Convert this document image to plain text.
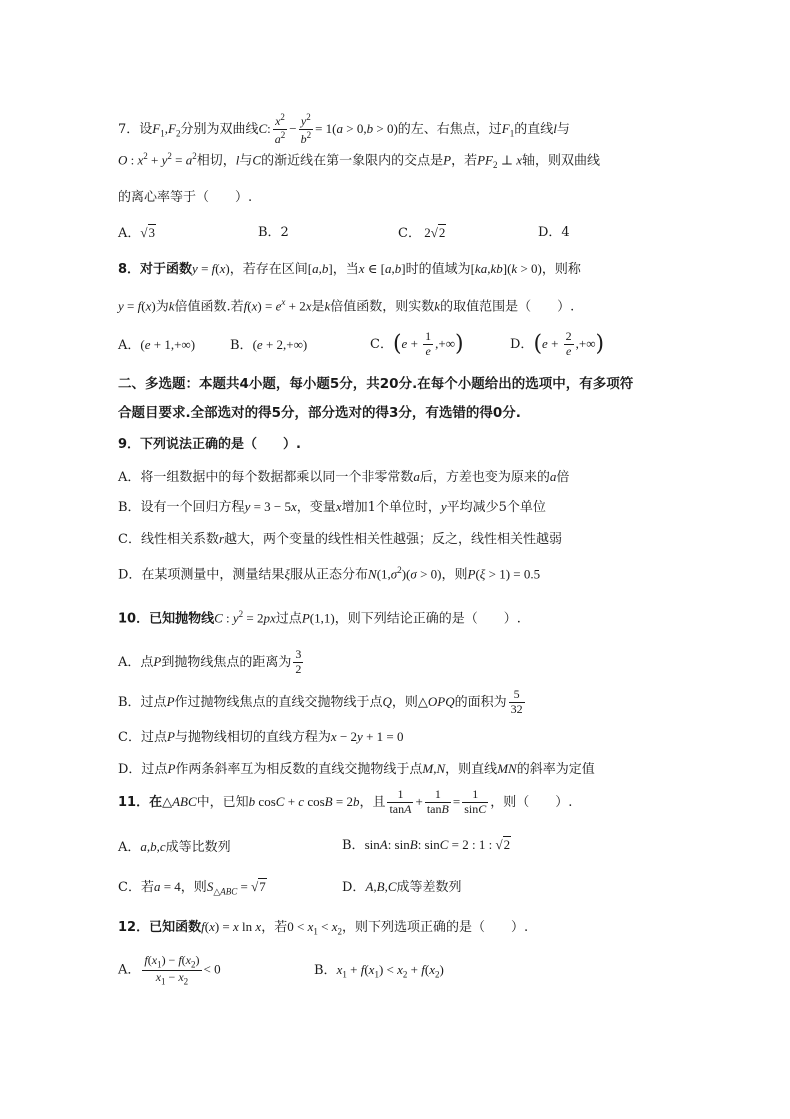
7．设$F_1,F_2$分别为双曲线C: $\frac{x^2}{a^2} - \frac{y^2}{b^2} = 1(a > 0,b > 0)$的左、右焦点，过$F_1$的直线l与
O : $x^2 + y^2 = a^2$相切，l与C的渐近线在第一象限内的交点是P，若$PF_2$ ⊥ x轴，则双曲线
的离心率等于（　　）.
A．√3	B．2	C． 2√2	D．4
8．对于函数y = f(x)，若存在区间[a,b]，当x ∈ [a,b]时的值域为[ka,kb](k > 0)，则称
y = f(x)为k倍值函数.若$f(x) = e^x + 2x$是k倍值函数，则实数k的取值范围是（　　）.
A．(e + 1,+∞)	B．(e + 2,+∞)	C．($e + \frac{1}{e}$ ,+∞)	D．($e + \frac{2}{e}$ ,+∞)
二、多选题：本题共4小题，每小题5分，共20分.在每个小题给出的选项中，有多项符
合题目要求.全部选对的得5分，部分选对的得3分，有选错的得0分.
9．下列说法正确的是（　　）.
A．将一组数据中的每个数据都乘以同一个非零常数a后，方差也变为原来的a倍
B．设有一个回归方程y = 3 − 5x，变量x增加1个单位时，y平均减少5个单位
C．线性相关系数r越大，两个变量的线性相关性越强；反之，线性相关性越弱
D．在某项测量中，测量结果ξ服从正态分布$N(1,\sigma^2)(\sigma > 0)$，则P(ξ > 1) = 0.5
10．已知抛物线C : $y^2 = 2px$过点P(1,1)，则下列结论正确的是（　　）.
A．点P到抛物线焦点的距离为 $\frac{3}{2}$
B．过点P作过抛物线焦点的直线交抛物线于点Q，则△OPQ的面积为 $\frac{5}{32}$
C．过点P与抛物线相切的直线方程为x − 2y + 1 = 0
D．过点P作两条斜率互为相反数的直线交抛物线于点M,N，则直线MN的斜率为定值
11．在△ABC中，已知b cosC + c cosB = 2b，且 $\frac{1}{\tan A} + \frac{1}{\tan B} = \frac{1}{\sin C}$ ，则（　　）.
A．a,b,c成等比数列	B．sinA: sinB: sinC = 2 : 1 : √2
C．若a = 4，则$S_{\triangle ABC} = √7$	D．A,B,C成等差数列
12．已知函数f(x) = x ln x，若$0 < x_1 < x_2$，则下列选项正确的是（　　）.
A． $\frac{f(x_1) - f(x_2)}{x_1 - x_2} < 0$	B．$x_1 + f(x_1) < x_2 + f(x_2)$
